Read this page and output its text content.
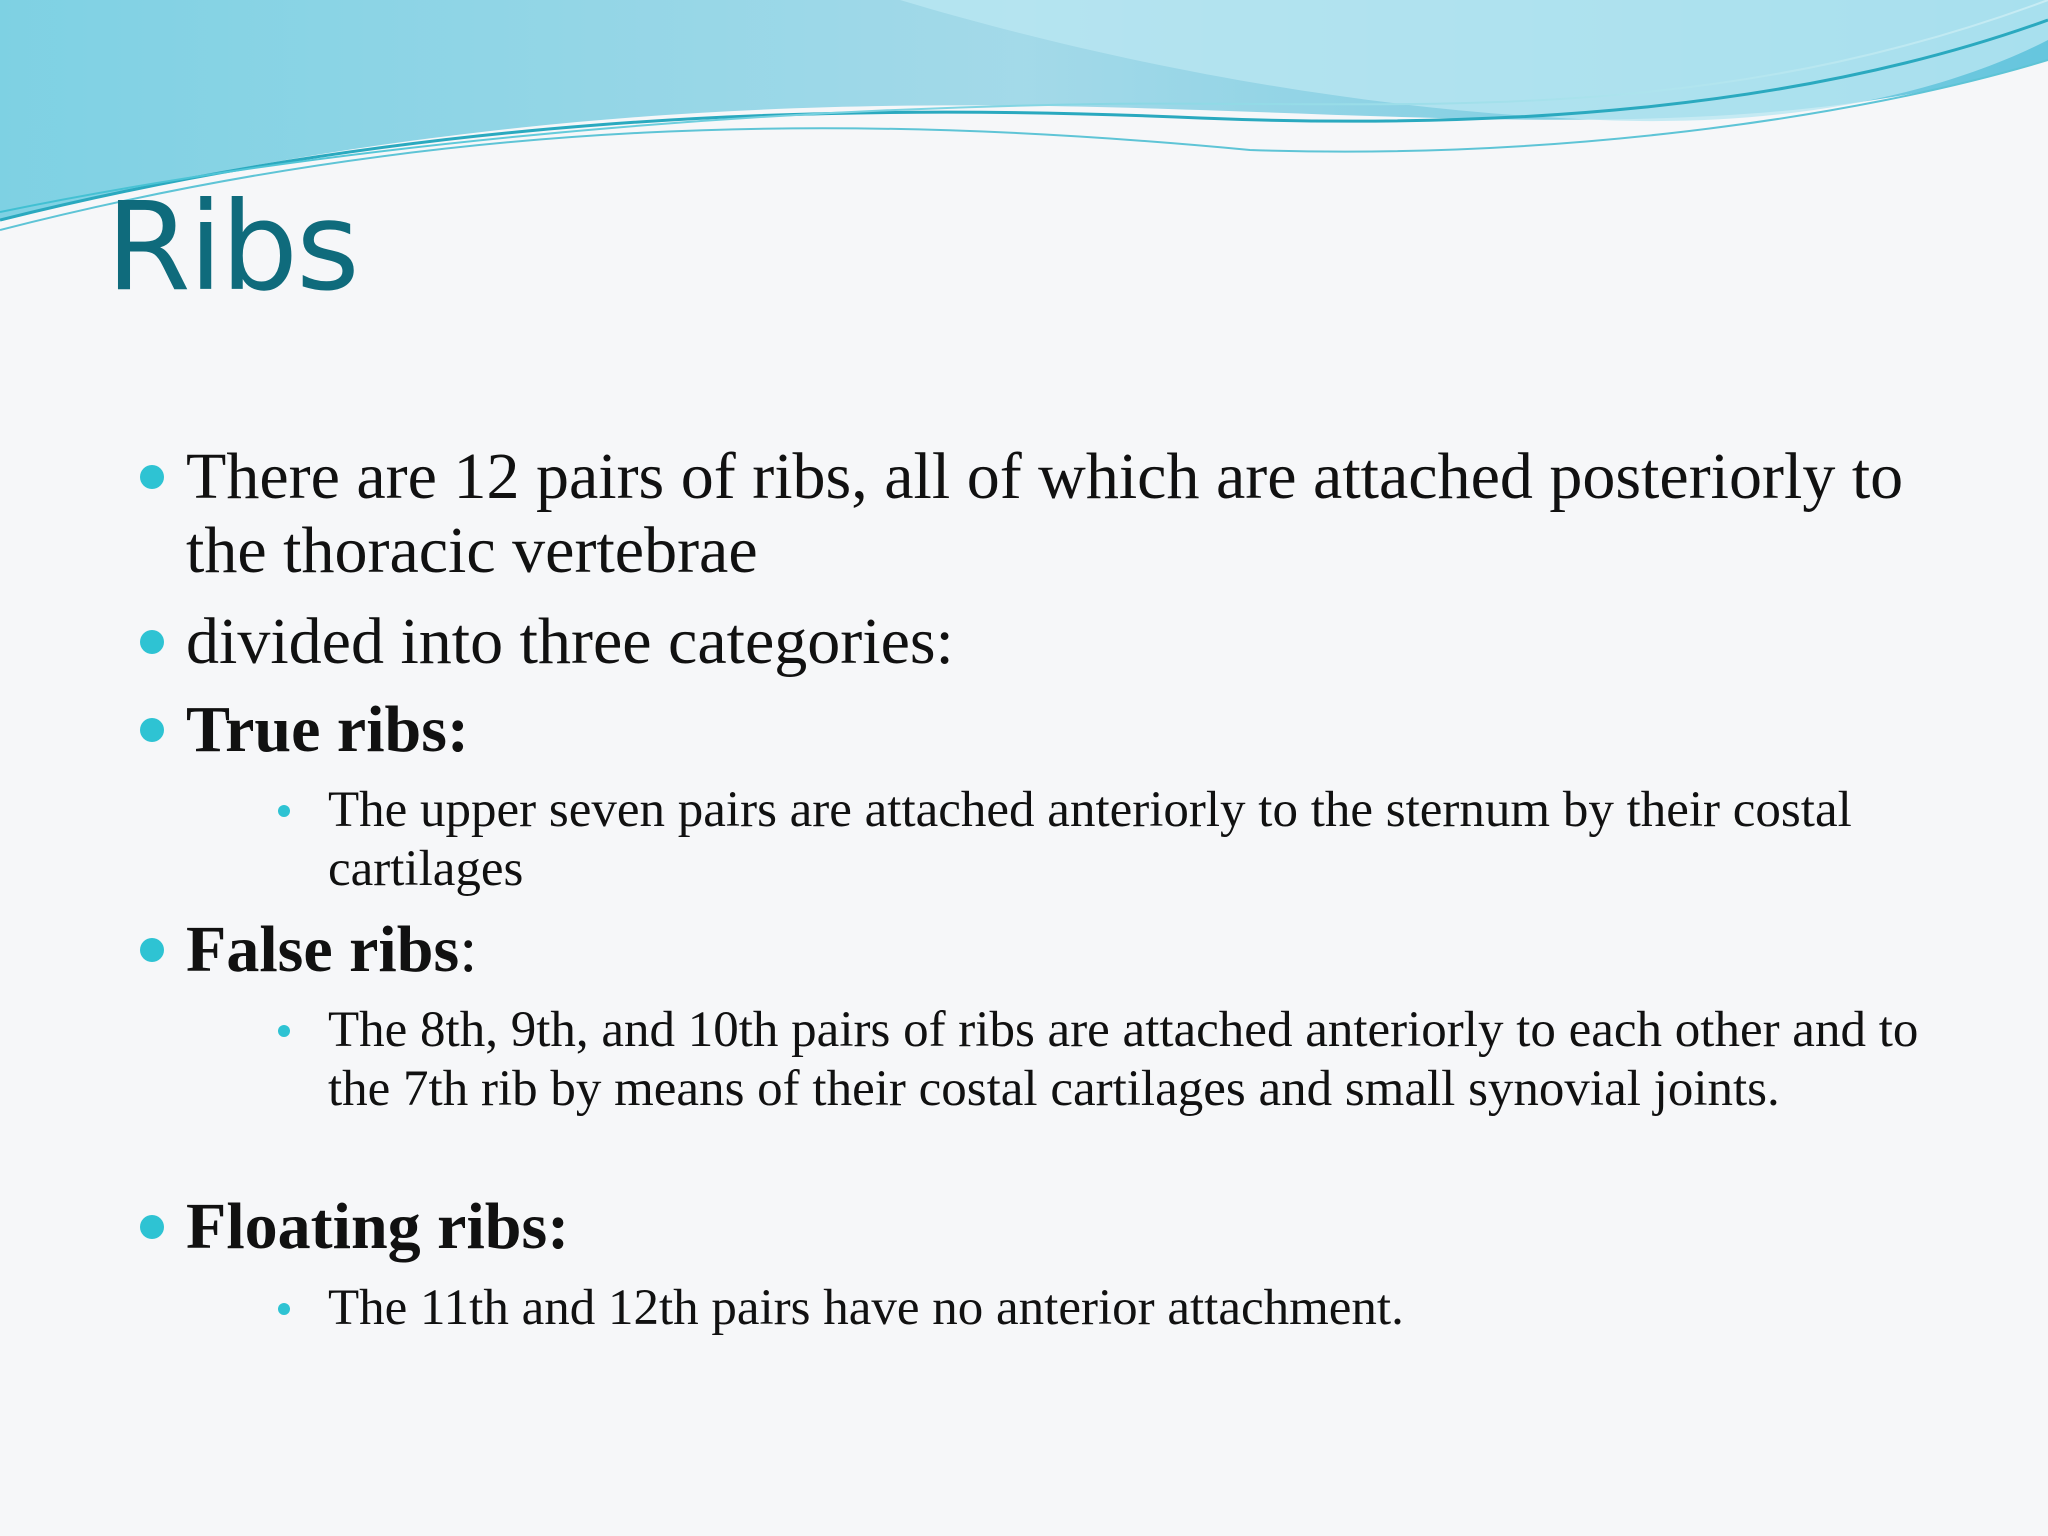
Ribs
There are 12 pairs of ribs, all of which are attached posteriorly to the thoracic vertebrae
divided into three categories:
True ribs:
The upper seven pairs are attached anteriorly to the sternum by their costal cartilages
False ribs:
The 8th, 9th, and 10th pairs of ribs are attached anteriorly to each other and to the 7th rib by means of their costal cartilages and small synovial joints.
Floating ribs:
The 11th and 12th pairs have no anterior attachment.
